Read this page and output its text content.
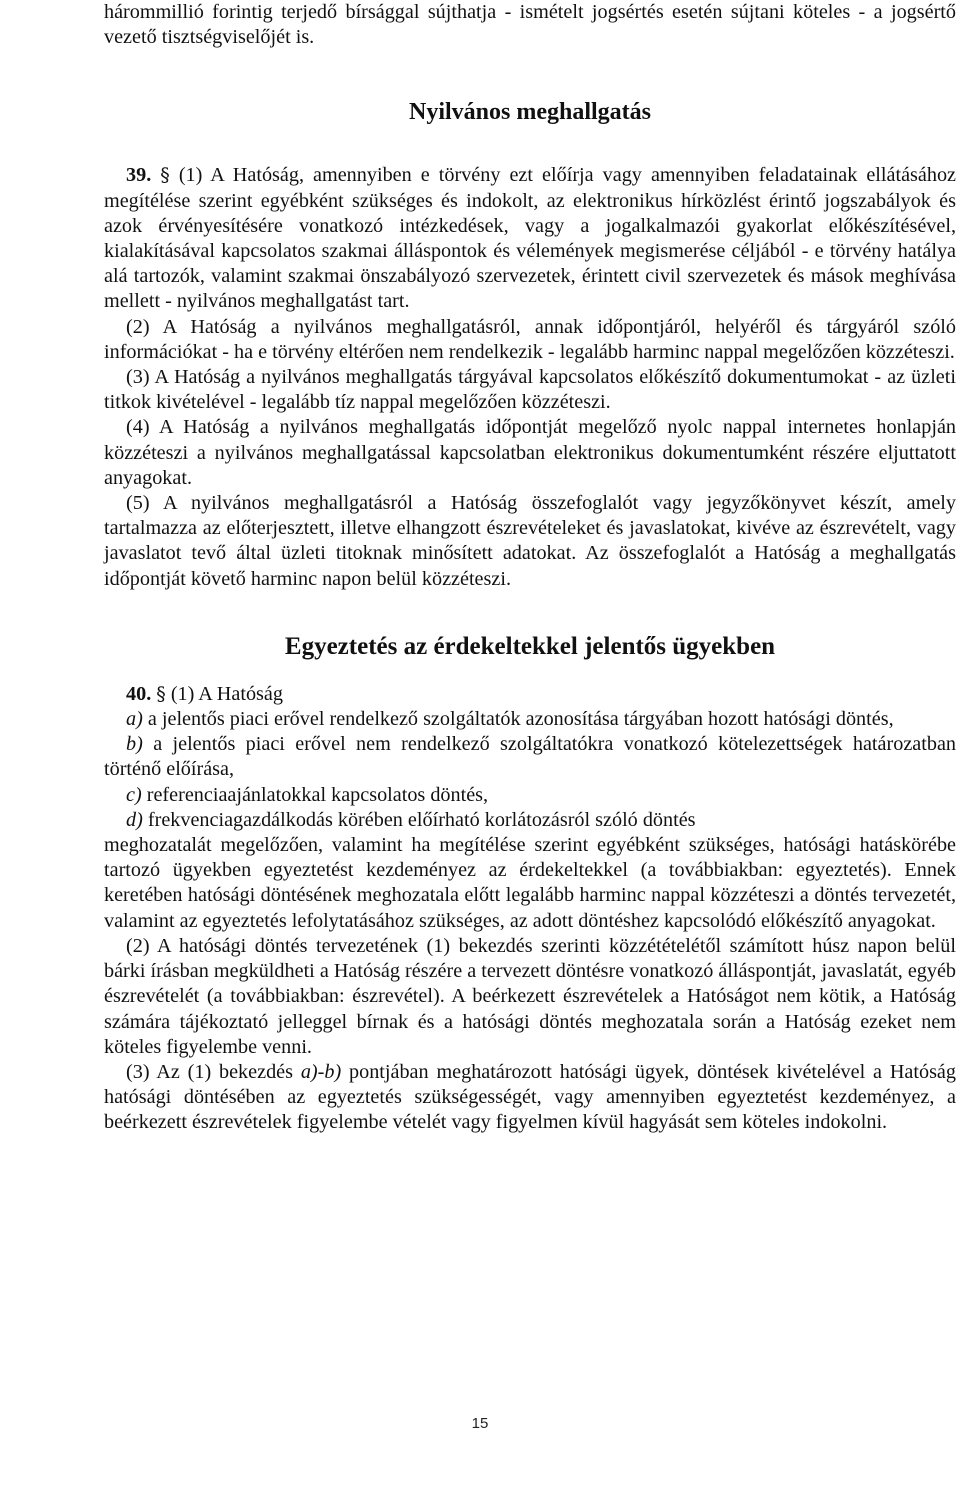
hárommillió forintig terjedő bírsággal sújthatja - ismételt jogsértés esetén sújtani köteles - a jogsértő vezető tisztségviselőjét is.

Nyilvános meghallgatás

39. § (1) A Hatóság, amennyiben e törvény ezt előírja vagy amennyiben feladatainak ellátásához megítélése szerint egyébként szükséges és indokolt, az elektronikus hírközlést érintő jogszabályok és azok érvényesítésére vonatkozó intézkedések, vagy a jogalkalmazói gyakorlat előkészítésével, kialakításával kapcsolatos szakmai álláspontok és vélemények megismerése céljából - e törvény hatálya alá tartozók, valamint szakmai önszabályozó szervezetek, érintett civil szervezetek és mások meghívása mellett - nyilvános meghallgatást tart.

(2) A Hatóság a nyilvános meghallgatásról, annak időpontjáról, helyéről és tárgyáról szóló információkat - ha e törvény eltérően nem rendelkezik - legalább harminc nappal megelőzően közzéteszi.

(3) A Hatóság a nyilvános meghallgatás tárgyával kapcsolatos előkészítő dokumentumokat - az üzleti titkok kivételével - legalább tíz nappal megelőzően közzéteszi.

(4) A Hatóság a nyilvános meghallgatás időpontját megelőző nyolc nappal internetes honlapján közzéteszi a nyilvános meghallgatással kapcsolatban elektronikus dokumentumként részére eljuttatott anyagokat.

(5) A nyilvános meghallgatásról a Hatóság összefoglalót vagy jegyzőkönyvet készít, amely tartalmazza az előterjesztett, illetve elhangzott észrevételeket és javaslatokat, kivéve az észrevételt, vagy javaslatot tevő által üzleti titoknak minősített adatokat. Az összefoglalót a Hatóság a meghallgatás időpontját követő harminc napon belül közzéteszi.

Egyeztetés az érdekeltekkel jelentős ügyekben

40. § (1) A Hatóság

a) a jelentős piaci erővel rendelkező szolgáltatók azonosítása tárgyában hozott hatósági döntés,

b) a jelentős piaci erővel nem rendelkező szolgáltatókra vonatkozó kötelezettségek határozatban történő előírása,

c) referenciaajánlatokkal kapcsolatos döntés,

d) frekvenciagazdálkodás körében előírható korlátozásról szóló döntés

meghozatalát megelőzően, valamint ha megítélése szerint egyébként szükséges, hatósági hatáskörébe tartozó ügyekben egyeztetést kezdeményez az érdekeltekkel (a továbbiakban: egyeztetés). Ennek keretében hatósági döntésének meghozatala előtt legalább harminc nappal közzéteszi a döntés tervezetét, valamint az egyeztetés lefolytatásához szükséges, az adott döntéshez kapcsolódó előkészítő anyagokat.

(2) A hatósági döntés tervezetének (1) bekezdés szerinti közzétételétől számított húsz napon belül bárki írásban megküldheti a Hatóság részére a tervezett döntésre vonatkozó álláspontját, javaslatát, egyéb észrevételét (a továbbiakban: észrevétel). A beérkezett észrevételek a Hatóságot nem kötik, a Hatóság számára tájékoztató jelleggel bírnak és a hatósági döntés meghozatala során a Hatóság ezeket nem köteles figyelembe venni.

(3) Az (1) bekezdés a)-b) pontjában meghatározott hatósági ügyek, döntések kivételével a Hatóság hatósági döntésében az egyeztetés szükségességét, vagy amennyiben egyeztetést kezdeményez, a beérkezett észrevételek figyelembe vételét vagy figyelmen kívül hagyását sem köteles indokolni.

15
